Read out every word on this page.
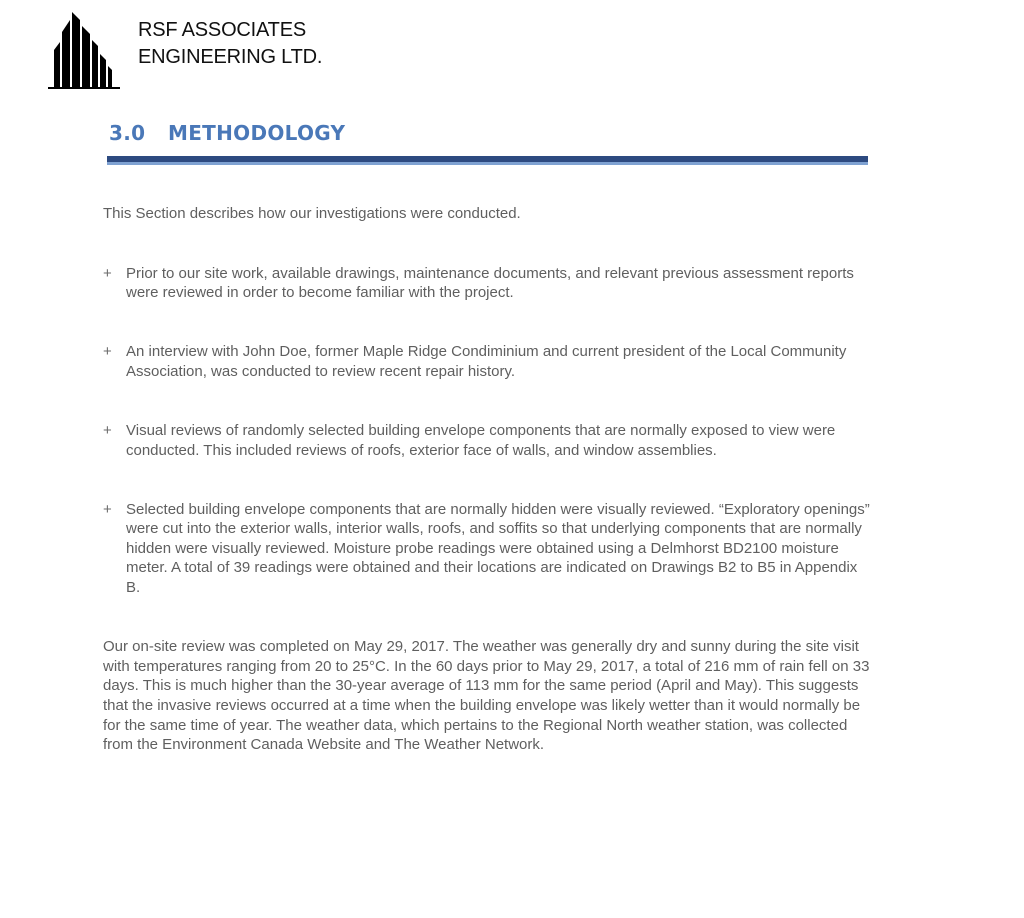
RSF ASSOCIATES
ENGINEERING LTD.
3.0 METHODOLOGY

This Section describes how our investigations were conducted.

+ Prior to our site work, available drawings, maintenance documents, and relevant previous assessment reports were reviewed in order to become familiar with the project.

+ An interview with John Doe, former Maple Ridge Condiminium and current president of the Local Community Association, was conducted to review recent repair history.

+ Visual reviews of randomly selected building envelope components that are normally exposed to view were conducted. This included reviews of roofs, exterior face of walls, and window assemblies.

+ Selected building envelope components that are normally hidden were visually reviewed. “Exploratory openings” were cut into the exterior walls, interior walls, roofs, and soffits so that underlying components that are normally hidden were visually reviewed. Moisture probe readings were obtained using a Delmhorst BD2100 moisture meter. A total of 39 readings were obtained and their locations are indicated on Drawings B2 to B5 in Appendix B.

Our on-site review was completed on May 29, 2017. The weather was generally dry and sunny during the site visit with temperatures ranging from 20 to 25°C. In the 60 days prior to May 29, 2017, a total of 216 mm of rain fell on 33 days. This is much higher than the 30-year average of 113 mm for the same period (April and May). This suggests that the invasive reviews occurred at a time when the building envelope was likely wetter than it would normally be for the same time of year. The weather data, which pertains to the Regional North weather station, was collected from the Environment Canada Website and The Weather Network.
